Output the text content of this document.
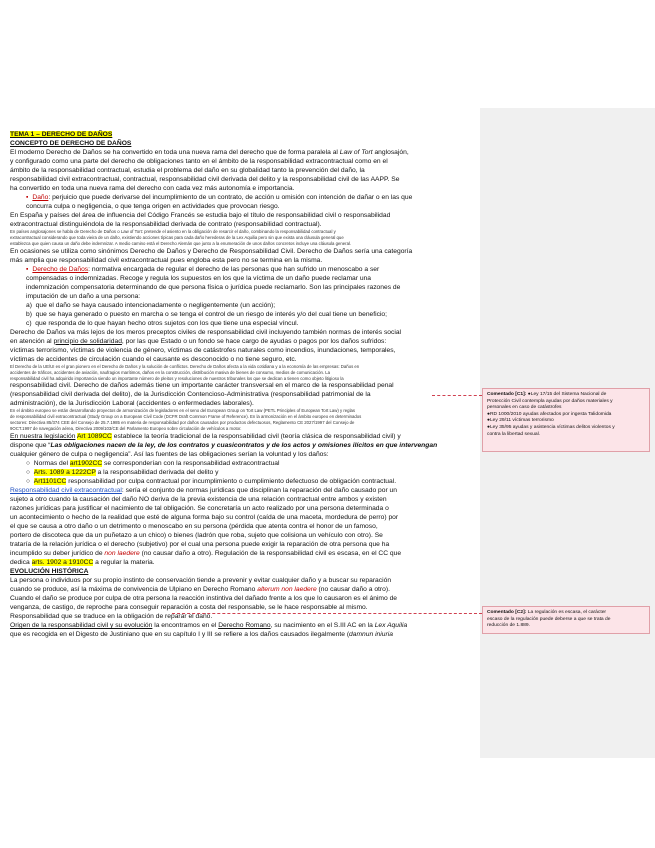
TEMA 1 – DERECHO DE DAÑOS
CONCEPTO DE DERECHO DE DAÑOS
El moderno Derecho de Daños se ha convertido en toda una nueva rama del derecho que de forma paralela al Law of Tort anglosajón,
y configurado como una parte del derecho de obligaciones tanto en el ámbito de la responsabilidad extracontractual como en el
ámbito de la responsabilidad contractual, estudia el problema del daño en su globalidad tanto la prevención del daño, la
responsabilidad civil extracontractual, contractual, responsabilidad civil derivada del delito y la responsabilidad civil de las AAPP. Se
ha convertido en toda una nueva rama del derecho con cada vez más autonomía e importancia.
▪ Daño: perjuicio que puede derivarse del incumplimiento de un contrato, de acción u omisión con intención de dañar o en las que
concurra culpa o negligencia, o que tenga origen en actividades que provocan riesgo.
En España y países del área de influencia del Código Francés se estudia bajo el título de responsabilidad civil o responsabilidad
extracontractual distinguiéndola de la responsabilidad derivada de contrato (responsabilidad contractual).
En países anglosajones se habla de Derecho de Daños o Law of Tort: pretende el asiento en la obligación de resarcir el daño, combinando la responsabilidad contractual y
extracontractual considerando que toda vieira de un daño, existiendo acciones típicas para cada daño herederas de la Lex Aquilia pero sin que exista una cláusula general que
establezca que quien causa un daño debe indemnizar. A medio camino está el Derecho Alemán que junto a la enumeración de unos daños concretos incluye una cláusula general.
En ocasiones se utiliza como sinónimos Derecho de Daños y Derecho de Responsabilidad Civil. Derecho de Daños sería una categoría
más amplia que responsabilidad civil extracontractual pues engloba esta pero no se termina en la misma.
▪ Derecho de Daños: normativa encargada de regular el derecho de las personas que han sufrido un menoscabo a ser
compensadas o indemnizadas. Recoge y regula los supuestos en los que la víctima de un daño puede reclamar una
indemnización compensatoria determinando de que persona física o jurídica puede reclamarlo. Son las principales razones de
imputación de un daño a una persona:
a) que el daño se haya causado intencionadamente o negligentemente (un acción);
b) que se haya generado o puesto en marcha o se tenga el control de un riesgo de interés y/o del cual tiene un beneficio;
c) que responda de lo que hayan hecho otros sujetos con los que tiene una especial víncul.
Derecho de Daños va más lejos de los meros preceptos civiles de responsabilidad civil incluyendo también normas de interés social
en atención al principio de solidaridad, por las que Estado o un fondo se hace cargo de ayudas o pagos por los daños sufridos:
víctimas terrorismo, víctimas de violencia de género, víctimas de catástrofes naturales como incendios, inundaciones, temporales,
víctimas de accidentes de circulación cuando el causante es desconocido o no tiene seguro, etc.
El Derecho de la UE/UI es el gran pionero en el Derecho de Daños y la solución de conflictos. Derecho de Daños afecta a la vida cotidiana y a la economía de las empresas: Daños en
accidentes de tráficos, accidentes de aviación, naufragios marítimos, daños en la construcción, distribución masiva de bienes de consumo, medios de comunicación. La
responsabilidad civil ha adquirido importancia siendo un importante número de pleitos y resoluciones de nuestros tribunales los que se dedican a tienen como objeto litigioso la
responsabilidad civil. Derecho de daños además tiene un importante carácter transversal en el marco de la responsabilidad penal
(responsabilidad civil derivada del delito), de la Jurisdicción Contencioso-Administrativa (responsabilidad patrimonial de la
administración), de la Jurisdicción Laboral (accidentes o enfermedades laborales).
En el ámbito europeo se están desarrollando proyectos de armonización de legisladores en el seno del European Group on Tort Law (PETL Principles of European Tort Law) y reglas
de responsabilidad civil extracontractual (Study Group on a European Civil Code (DCFR Draft Common Frame of Reference). En la armonización en el ámbito europeo en determinados
sectores: Directiva 85/374 CEE del Consejo de 25.7.1985 en materia de responsabilidad por daños causados por productos defectuosos, Reglamento CE 2027/1997 del Consejo de
9OCT.1997 de navegación aérea, Directiva 2009/103/CE del Parlamento Europeo sobre circulación de vehículos a motor.
En nuestra legislación Art 1089CC establece la teoría tradicional de la responsabilidad civil (teoría clásica de responsabilidad civil) y
dispone que “Las obligaciones nacen de la ley, de los contratos y cuasicontratos y de los actos y omisiones ilícitos en que intervengan
cualquier género de culpa o negligencia”. Así las fuentes de las obligaciones serían la voluntad y los daños:
○ Normas del art1902CC se corresponderían con la responsabilidad extracontractual
○ Arts. 1089 a 1222CP a la responsabilidad derivada del delito y
○ Art1101CC responsabilidad por culpa contractual por incumplimiento o cumplimiento defectuoso de obligación contractual.
Responsabilidad civil extracontractual: sería el conjunto de normas jurídicas que disciplinan la reparación del daño causado por un
sujeto a otro cuando la causación del daño NO deriva de la previa existencia de una relación contractual entre ambos y existen
razones jurídicas para justificar el nacimiento de tal obligación. Se concretaría un acto realizado por una persona determinada o
un acontecimiento o hecho de la realidad que esté de alguna forma bajo su control (caída de una maceta, mordedura de perro) por
el que se causa a otro daño o un detrimento o menoscabo en su persona (pérdida que atenta contra el honor de un famoso,
portero de discoteca que da un puñetazo a un chico) o bienes (ladrón que roba, sujeto que colisiona un vehículo con otro). Se
trataría de la relación jurídica o el derecho (subjetivo) por el cual una persona puede exigir la reparación de otra persona que ha
incumplido su deber jurídico de non laedere (no causar daño a otro). Regulación de la responsabilidad civil es escasa, en el CC que
dedica arts. 1902 a 1910CC a regular la materia.
EVOLUCIÓN HISTÓRICA
La persona o individuos por su propio instinto de conservación tiende a prevenir y evitar cualquier daño y a buscar su reparación
cuando se produce, así la máxima de convivencia de Ulpiano en Derecho Romano alterum non laedere (no causar daño a otro).
Cuando el daño se produce por culpa de otra persona la reacción instintiva del dañado frente a los que lo causaron es el ánimo de
venganza, de castigo, de reproche para conseguir reparación a costa del responsable, se le hace responsable al mismo.
Responsabilidad que se traduce en la obligación de reparar el daño.
Origen de la responsabilidad civil y su evolución la encontramos en el Derecho Romano, su nacimiento en el S.III AC en la Lex Aquilia
que es recogida en el Digesto de Justiniano que en su capítulo I y III se refiere a los daños causados ilegalmente (damnun iniuria
Comentado [C1]: ●Ley 17/15 del Sistema Nacional de
Protección Civil contempla ayudas por daños materiales y
personales en caso de catástrofes
●RD 1000/2010 ayudas afectados por ingesta Talidomida
●Ley 29/11 víctimas terrorismo
●Ley 35/95 ayudas y asistencia víctimas delitos violentos y
contra la libertad sexual.
Comentado [C2]: La regulación es escasa, el carácter
escaso de la regulación puede deberse a que se trata de
reducción de 1.889.
